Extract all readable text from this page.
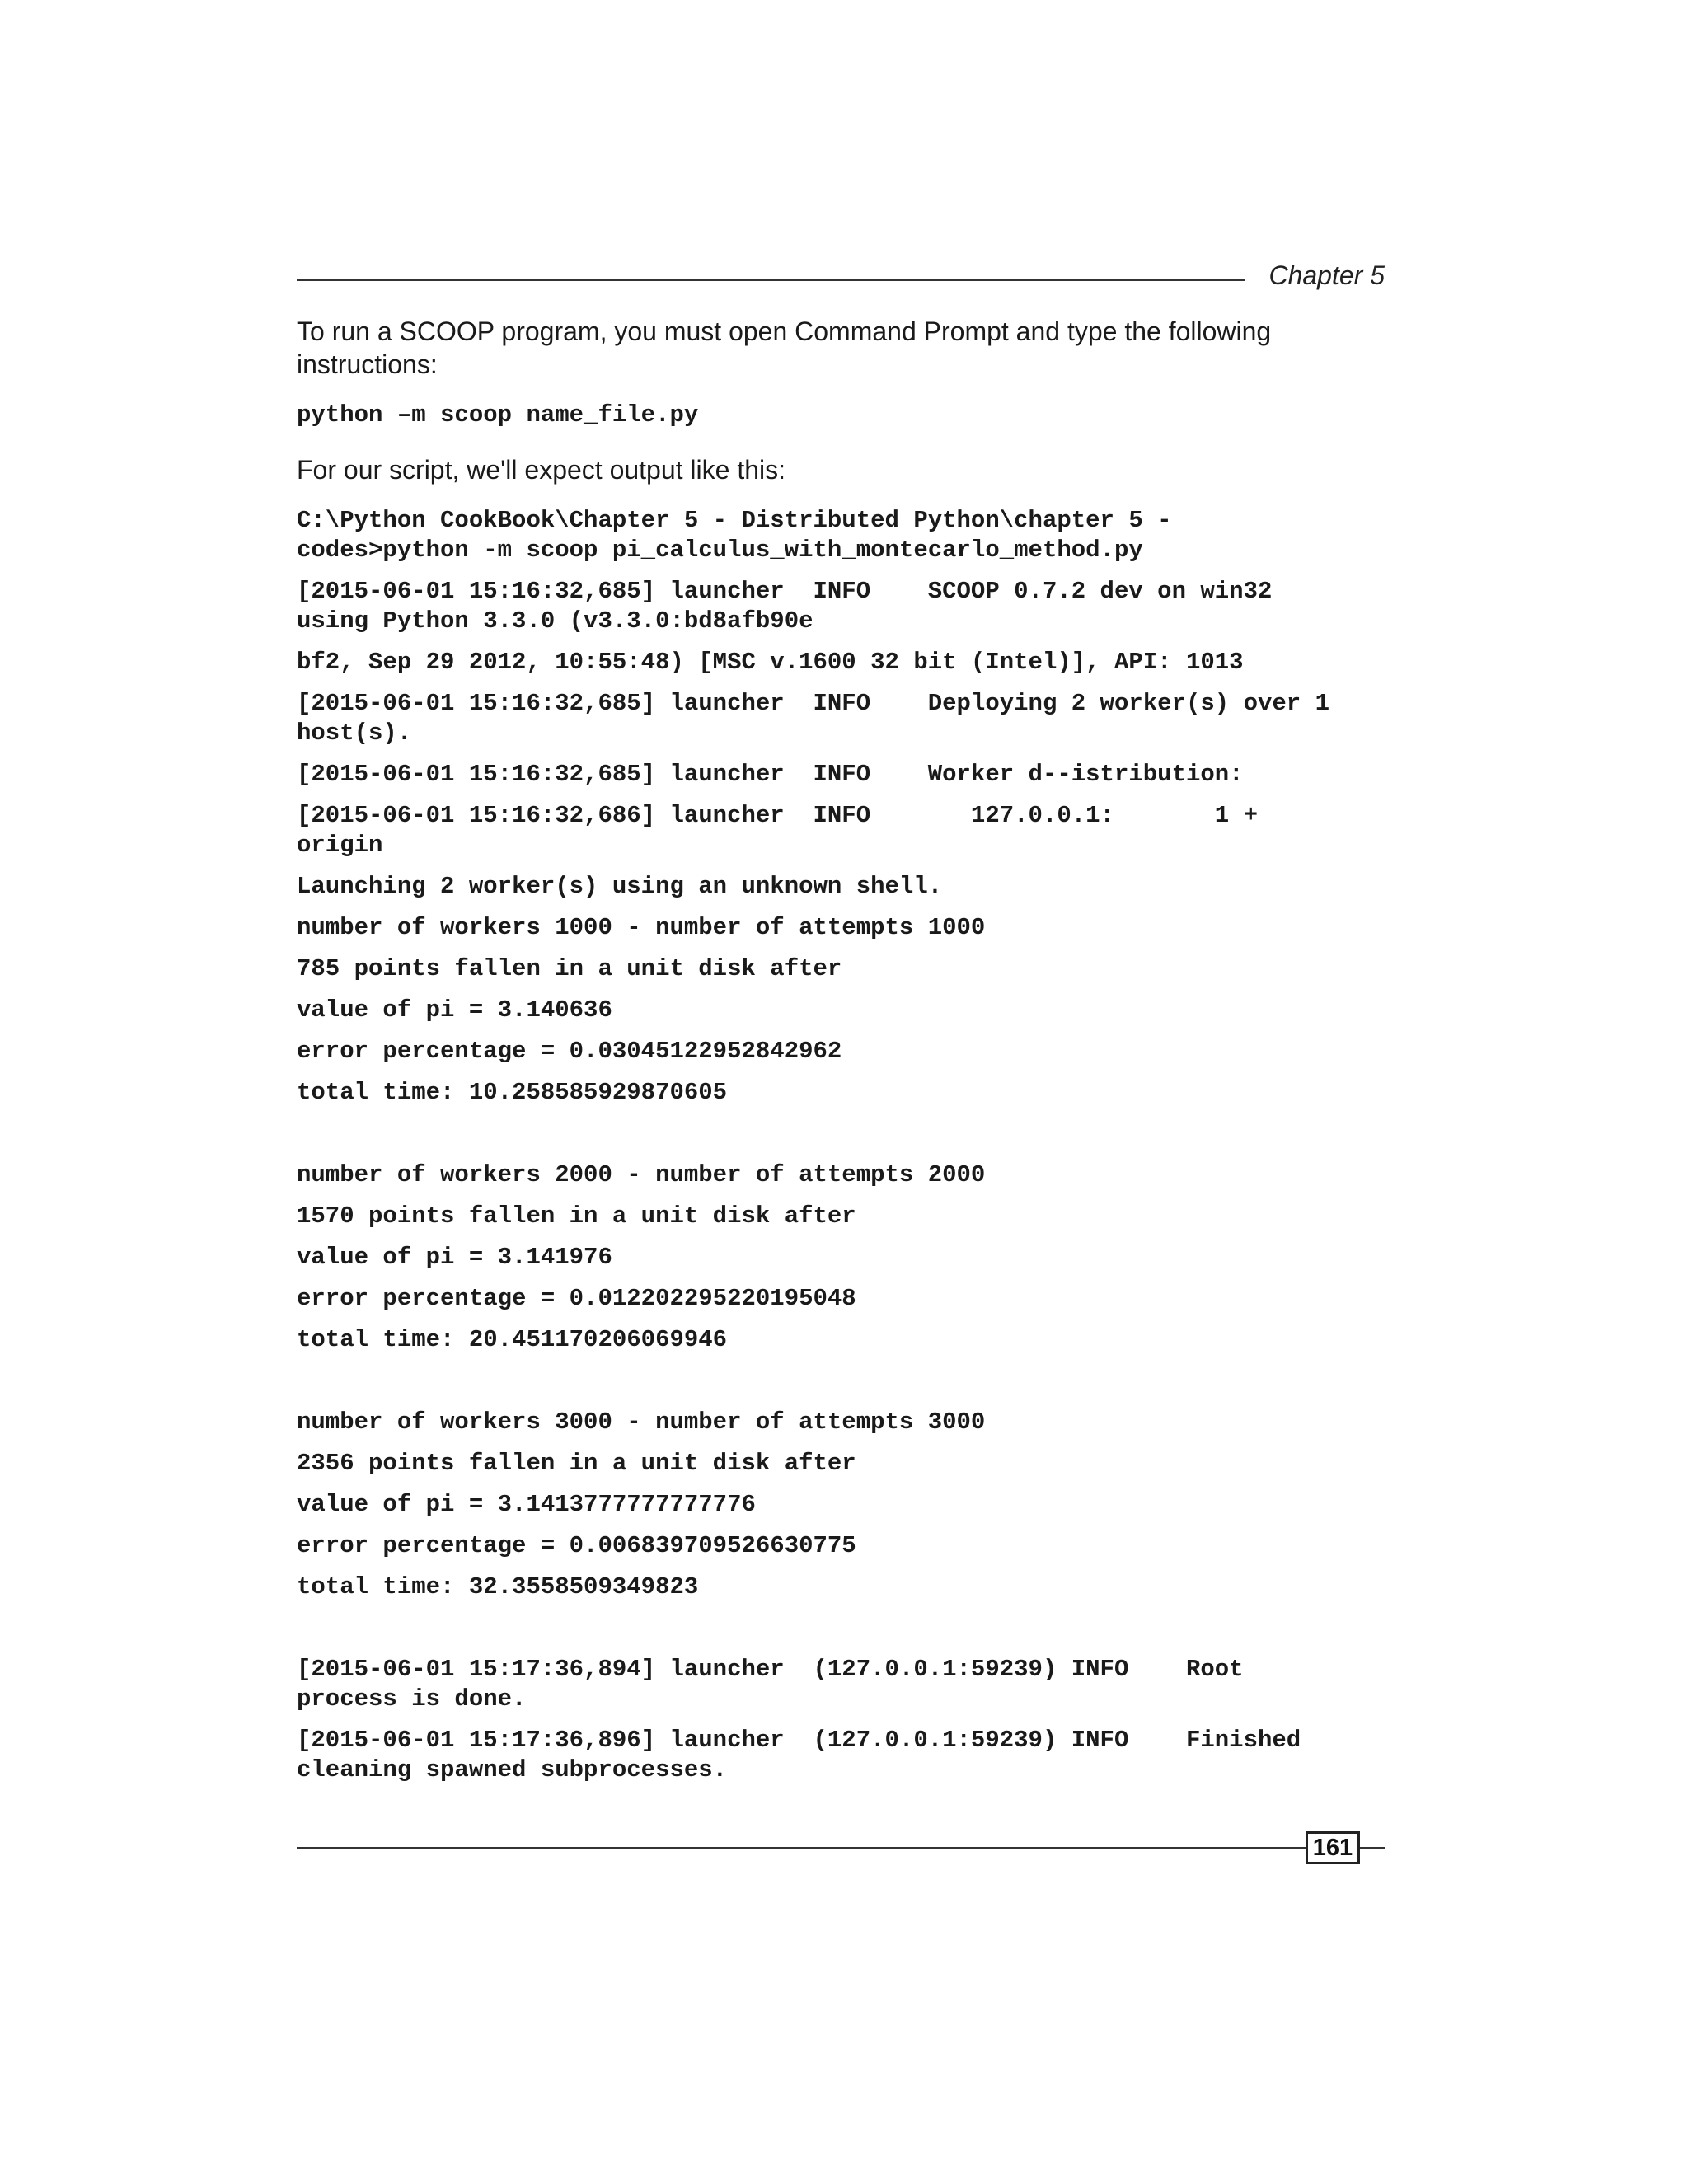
Chapter 5

To run a SCOOP program, you must open Command Prompt and type the following instructions:

python –m scoop name_file.py

For our script, we'll expect output like this:

C:\Python CookBook\Chapter 5 - Distributed Python\chapter 5 -
codes>python -m scoop pi_calculus_with_montecarlo_method.py
[2015-06-01 15:16:32,685] launcher  INFO    SCOOP 0.7.2 dev on win32
using Python 3.3.0 (v3.3.0:bd8afb90e
bf2, Sep 29 2012, 10:55:48) [MSC v.1600 32 bit (Intel)], API: 1013
[2015-06-01 15:16:32,685] launcher  INFO    Deploying 2 worker(s) over 1
host(s).
[2015-06-01 15:16:32,685] launcher  INFO    Worker d--istribution:
[2015-06-01 15:16:32,686] launcher  INFO       127.0.0.1:       1 +
origin
Launching 2 worker(s) using an unknown shell.
number of workers 1000 - number of attempts 1000
785 points fallen in a unit disk after
value of pi = 3.140636
error percentage = 0.03045122952842962
total time: 10.258585929870605
number of workers 2000 - number of attempts 2000
1570 points fallen in a unit disk after
value of pi = 3.141976
error percentage = 0.012202295220195048
total time: 20.451170206069946
number of workers 3000 - number of attempts 3000
2356 points fallen in a unit disk after
value of pi = 3.1413777777777776
error percentage = 0.006839709526630775
total time: 32.3558509349823
[2015-06-01 15:17:36,894] launcher  (127.0.0.1:59239) INFO    Root
process is done.
[2015-06-01 15:17:36,896] launcher  (127.0.0.1:59239) INFO    Finished
cleaning spawned subprocesses.
161
